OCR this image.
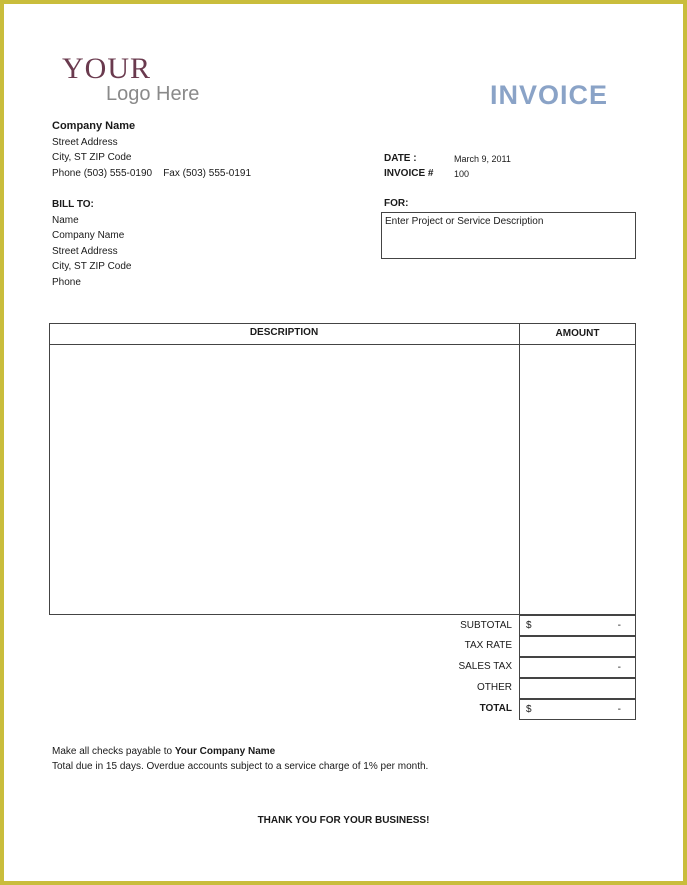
YOUR
Logo Here	INVOICE
Company Name
Street Address
City, ST ZIP Code
Phone (503) 555-0190    Fax (503) 555-0191
DATE :	March 9, 2011
INVOICE # 100
BILL TO:
Name
Company Name
Street Address
City, ST ZIP Code
Phone
FOR:
Enter Project or Service Description
DESCRIPTION	AMOUNT
SUBTOTAL $	-
TAX RATE
SALES TAX	-
OTHER
TOTAL $	-
Make all checks payable to Your Company Name
Total due in 15 days. Overdue accounts subject to a service charge of 1% per month.
THANK YOU FOR YOUR BUSINESS!
